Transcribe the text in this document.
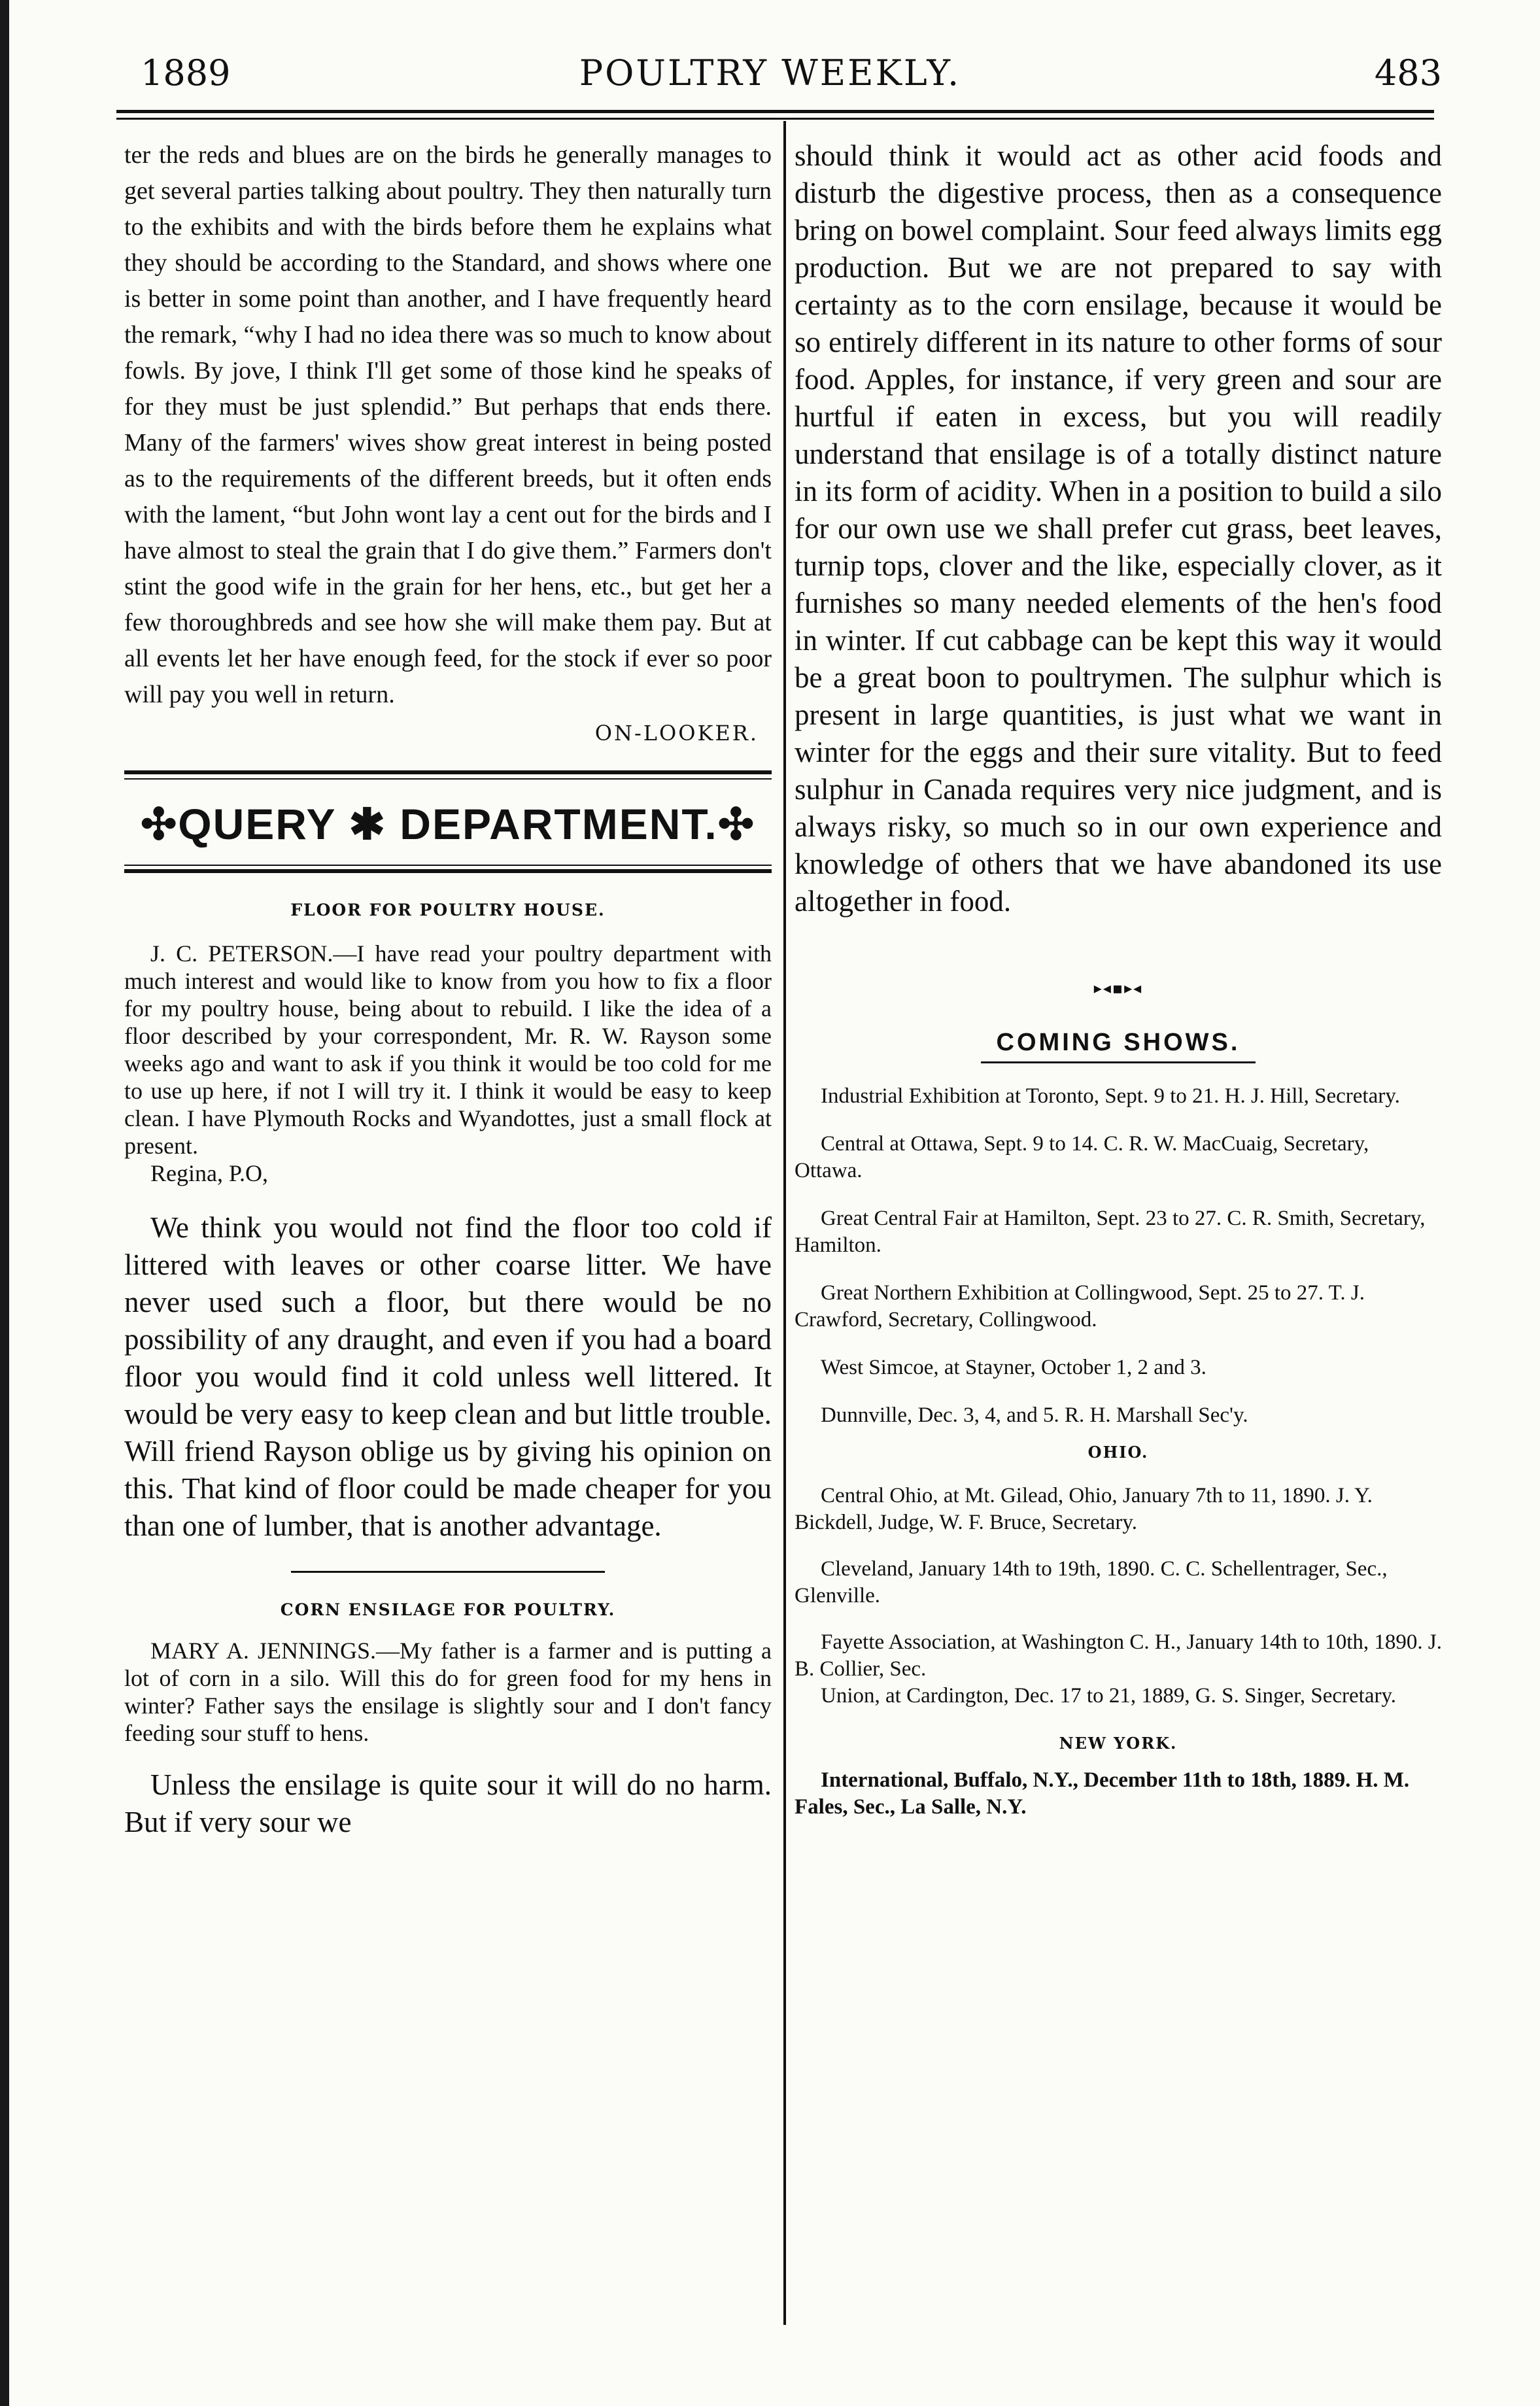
1889	POULTRY WEEKLY.	483

ter the reds and blues are on the birds he generally manages to get several parties talking about poultry. They then naturally turn to the exhibits and with the birds before them he explains what they should be according to the Standard, and shows where one is better in some point than another, and I have frequently heard the remark, “why I had no idea there was so much to know about fowls. By jove, I think I'll get some of those kind he speaks of for they must be just splendid.” But perhaps that ends there. Many of the farmers' wives show great interest in being posted as to the requirements of the different breeds, but it often ends with the lament, “but John wont lay a cent out for the birds and I have almost to steal the grain that I do give them.” Farmers don't stint the good wife in the grain for her hens, etc., but get her a few thoroughbreds and see how she will make them pay. But at all events let her have enough feed, for the stock if ever so poor will pay you well in return.

ON-LOOKER.
✣QUERY ✱ DEPARTMENT.✣
FLOOR FOR POULTRY HOUSE.

J. C. PETERSON.—I have read your poultry department with much interest and would like to know from you how to fix a floor for my poultry house, being about to rebuild. I like the idea of a floor described by your correspondent, Mr. R. W. Rayson some weeks ago and want to ask if you think it would be too cold for me to use up here, if not I will try it. I think it would be easy to keep clean. I have Plymouth Rocks and Wyandottes, just a small flock at present.

Regina, P.O,

We think you would not find the floor too cold if littered with leaves or other coarse litter. We have never used such a floor, but there would be no possibility of any draught, and even if you had a board floor you would find it cold unless well littered. It would be very easy to keep clean and but little trouble. Will friend Rayson oblige us by giving his opinion on this. That kind of floor could be made cheaper for you than one of lumber, that is another advantage.

CORN ENSILAGE FOR POULTRY.

MARY A. JENNINGS.—My father is a farmer and is putting a lot of corn in a silo. Will this do for green food for my hens in winter? Father says the ensilage is slightly sour and I don't fancy feeding sour stuff to hens.

Unless the ensilage is quite sour it will do no harm. But if very sour we

should think it would act as other acid foods and disturb the digestive process, then as a consequence bring on bowel complaint. Sour feed always limits egg production. But we are not prepared to say with certainty as to the corn ensilage, because it would be so entirely different in its nature to other forms of sour food. Apples, for instance, if very green and sour are hurtful if eaten in excess, but you will readily understand that ensilage is of a totally distinct nature in its form of acidity. When in a position to build a silo for our own use we shall prefer cut grass, beet leaves, turnip tops, clover and the like, especially clover, as it furnishes so many needed elements of the hen's food in winter. If cut cabbage can be kept this way it would be a great boon to poultrymen. The sulphur which is present in large quantities, is just what we want in winter for the eggs and their sure vitality. But to feed sulphur in Canada requires very nice judgment, and is always risky, so much so in our own experience and knowledge of others that we have abandoned its use altogether in food.

▸◂▪▸◂
COMING SHOWS.

Industrial Exhibition at Toronto, Sept. 9 to 21. H. J. Hill, Secretary.

Central at Ottawa, Sept. 9 to 14. C. R. W. MacCuaig, Secretary, Ottawa.

Great Central Fair at Hamilton, Sept. 23 to 27. C. R. Smith, Secretary, Hamilton.

Great Northern Exhibition at Collingwood, Sept. 25 to 27. T. J. Crawford, Secretary, Collingwood.

West Simcoe, at Stayner, October 1, 2 and 3.

Dunnville, Dec. 3, 4, and 5. R. H. Marshall Sec'y.

OHIO.

Central Ohio, at Mt. Gilead, Ohio, January 7th to 11, 1890. J. Y. Bickdell, Judge, W. F. Bruce, Secretary.

Cleveland, January 14th to 19th, 1890. C. C. Schellentrager, Sec., Glenville.

Fayette Association, at Washington C. H., January 14th to 10th, 1890. J. B. Collier, Sec.

Union, at Cardington, Dec. 17 to 21, 1889, G. S. Singer, Secretary.

NEW YORK.

International, Buffalo, N.Y., December 11th to 18th, 1889. H. M. Fales, Sec., La Salle, N.Y.
